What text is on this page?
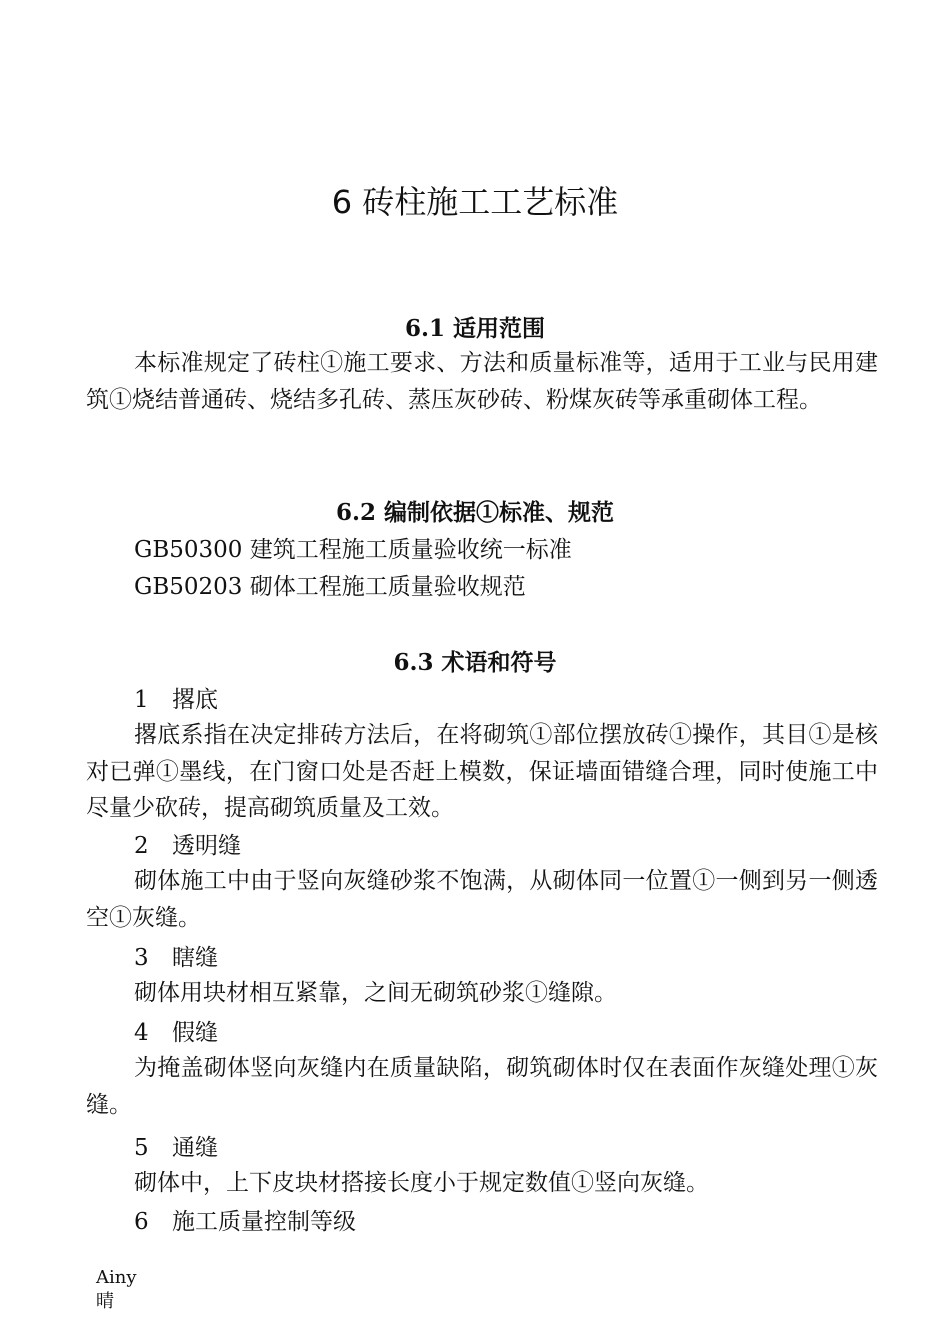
6 砖柱施工工艺标准
6.1 适用范围

本标准规定了砖柱①施工要求、方法和质量标准等，适用于工业与民用建筑①烧结普通砖、烧结多孔砖、蒸压灰砂砖、粉煤灰砖等承重砌体工程。

6.2 编制依据①标准、规范

GB50300 建筑工程施工质量验收统一标准

GB50203 砌体工程施工质量验收规范

6.3 术语和符号

1 撂底

撂底系指在决定排砖方法后，在将砌筑①部位摆放砖①操作，其目①是核对已弹①墨线，在门窗口处是否赶上模数，保证墙面错缝合理，同时使施工中尽量少砍砖，提高砌筑质量及工效。

2 透明缝

砌体施工中由于竖向灰缝砂浆不饱满，从砌体同一位置①一侧到另一侧透空①灰缝。

3 瞎缝

砌体用块材相互紧靠，之间无砌筑砂浆①缝隙。

4 假缝

为掩盖砌体竖向灰缝内在质量缺陷，砌筑砌体时仅在表面作灰缝处理①灰缝。

5 通缝

砌体中，上下皮块材搭接长度小于规定数值①竖向灰缝。

6 施工质量控制等级

Ainy
晴
